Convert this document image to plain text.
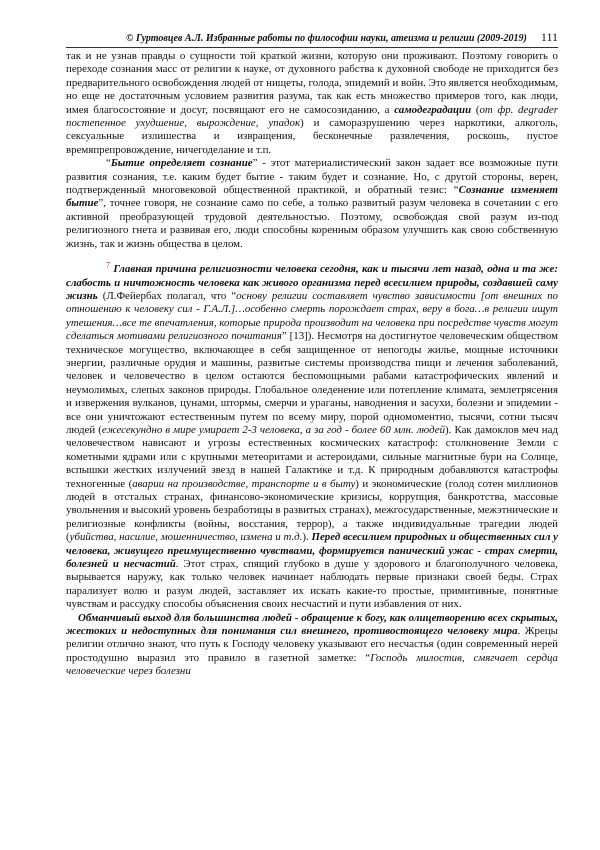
© Гуртовцев А.Л. Избранные работы по философии науки, атеизма и религии (2009-2019) 111

так и не узнав правды о сущности той краткой жизни, которую они проживают. Поэтому говорить о переходе сознания масс от религии к науке, от духовного рабства к духовной свободе не приходится без предварительного освобождения людей от нищеты, голода, эпидемий и войн. Это является необходимым, но еще не достаточным условием развития разума, так как есть множество примеров того, как люди, имея благосостояние и досуг, посвящают его не самосозиданию, а самодеградации (от фр. degrader постепенное ухудшение, вырождение, упадок) и саморазрушению через наркотики, алкоголь, сексуальные излишества и извращения, бесконечные развлечения, роскошь, пустое времяпрепровождение, ничегоделание и т.п.

“Бытие определяет сознание” - этот материалистический закон задает все возможные пути развития сознания, т.е. каким будет бытие - таким будет и сознание. Но, с другой стороны, верен, подтвержденный многовековой общественной практикой, и обратный тезис: “Сознание изменяет бытие”, точнее говоря, не сознание само по себе, а только развитый разум человека в сочетании с его активной преобразующей трудовой деятельностью. Поэтому, освобождая свой разум из-под религиозного гнета и развивая его, люди способны коренным образом улучшить как свою собственную жизнь, так и жизнь общества в целом.

$^7$ Главная причина религиозности человека сегодня, как и тысячи лет назад, одна и та же: слабость и ничтожность человека как живого организма перед всесилием природы, создавшей саму жизнь (Л.Фейербах полагал, что “основу религии составляет чувство зависимости [от внешних по отношению к человеку сил - Г.А.Л.]…особенно смерть порождает страх, веру в бога…в религии ищут утешения…все те впечатления, которые природа производит на человека при посредстве чувств могут сделаться мотивами религиозного почитания” [13]). Несмотря на достигнутое человеческим обществом техническое могущество, включающее в себя защищенное от непогоды жилье, мощные источники энергии, различные орудия и машины, развитые системы производства пищи и лечения заболеваний, человек и человечество в целом остаются беспомощными рабами катастрофических явлений и неумолимых, слепых законов природы. Глобальное оледенение или потепление климата, землетрясения и извержения вулканов, цунами, штормы, смерчи и ураганы, наводнения и засухи, болезни и эпидемии - все они уничтожают естественным путем по всему миру, порой одномоментно, тысячи, сотни тысяч людей (ежесекундно в мире умирает 2-3 человека, а за год - более 60 млн. людей). Как дамоклов меч над человечеством нависают и угрозы естественных космических катастроф: столкновение Земли с кометными ядрами или с крупными метеоритами и астероидами, сильные магнитные бури на Солнце, вспышки жестких излучений звезд в нашей Галактике и т.д. К природным добавляются катастрофы техногенные (аварии на производстве, транспорте и в быту) и экономические (голод сотен миллионов людей в отсталых странах, финансово-экономические кризисы, коррупция, банкротства, массовые увольнения и высокий уровень безработицы в развитых странах), межгосударственные, межэтнические и религиозные конфликты (войны, восстания, террор), а также индивидуальные трагедии людей (убийства, насилие, мошенничество, измена и т.д.). Перед всесилием природных и общественных сил у человека, живущего преимущественно чувствами, формируется панический ужас - страх смерти, болезней и несчастий. Этот страх, спящий глубоко в душе у здорового и благополучного человека, вырывается наружу, как только человек начинает наблюдать первые признаки своей беды. Страх парализует волю и разум людей, заставляет их искать какие-то простые, примитивные, понятные чувствам и рассудку способы объяснения своих несчастий и пути избавления от них.

Обманчивый выход для большинства людей - обращение к богу, как олицетворению всех скрытых, жестоких и недоступных для понимания сил внешнего, противостоящего человеку мира. Жрецы религии отлично знают, что путь к Господу человеку указывают его несчастья (один современный нерей простодушно выразил это правило в газетной заметке: “Господь милостив, смягчает сердца человеческие через болезни
